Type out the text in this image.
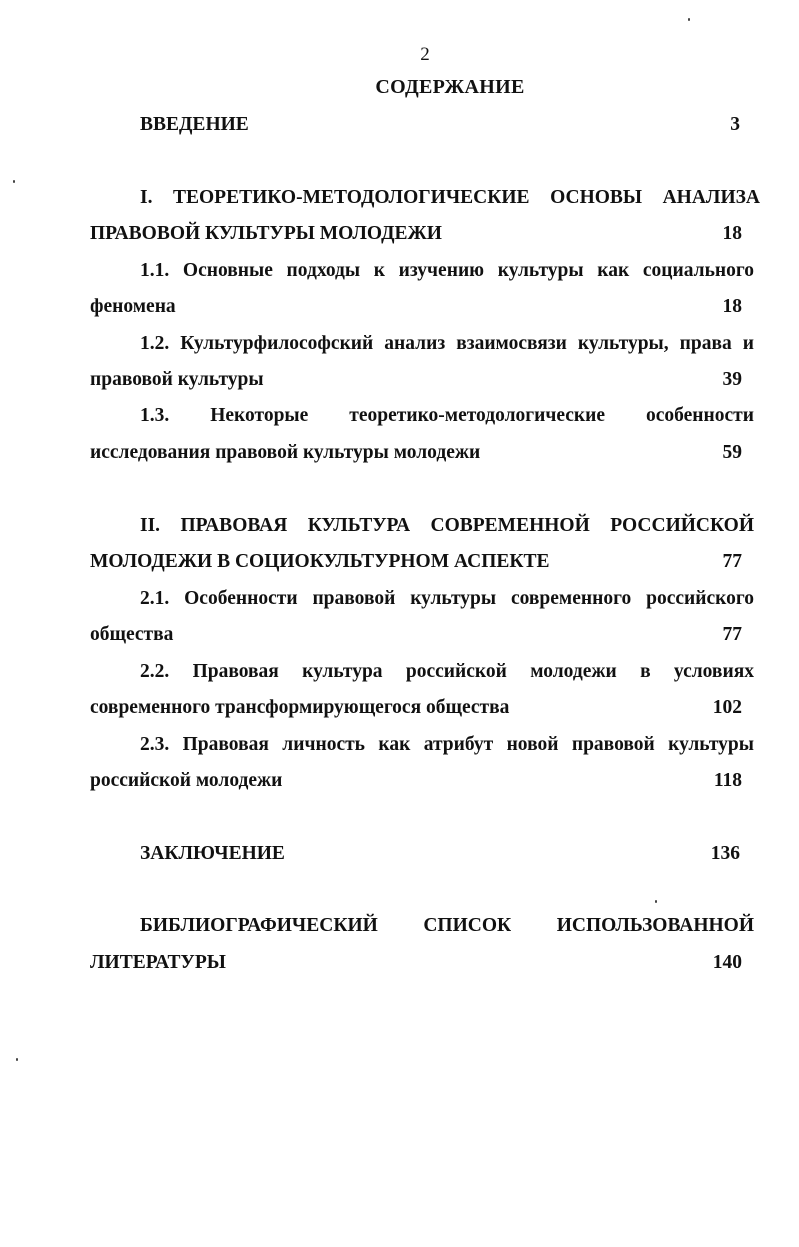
2
СОДЕРЖАНИЕ
ВВЕДЕНИЕ	3
I. ТЕОРЕТИКО-МЕТОДОЛОГИЧЕСКИЕ ОСНОВЫ АНАЛИЗА
ПРАВОВОЙ КУЛЬТУРЫ МОЛОДЕЖИ	18
1.1. Основные подходы к изучению культуры как социального
феномена	18
1.2. Культурфилософский анализ взаимосвязи культуры, права и
правовой культуры	39
1.3. Некоторые теоретико-методологические особенности
исследования правовой культуры молодежи	59
II. ПРАВОВАЯ КУЛЬТУРА СОВРЕМЕННОЙ РОССИЙСКОЙ
МОЛОДЕЖИ В СОЦИОКУЛЬТУРНОМ АСПЕКТЕ	77
2.1. Особенности правовой культуры современного российского
общества	77
2.2. Правовая культура российской молодежи в условиях
современного трансформирующегося общества	102
2.3. Правовая личность как атрибут новой правовой культуры
российской молодежи	118
ЗАКЛЮЧЕНИЕ	136
БИБЛИОГРАФИЧЕСКИЙ СПИСОК ИСПОЛЬЗОВАННОЙ
ЛИТЕРАТУРЫ	140
